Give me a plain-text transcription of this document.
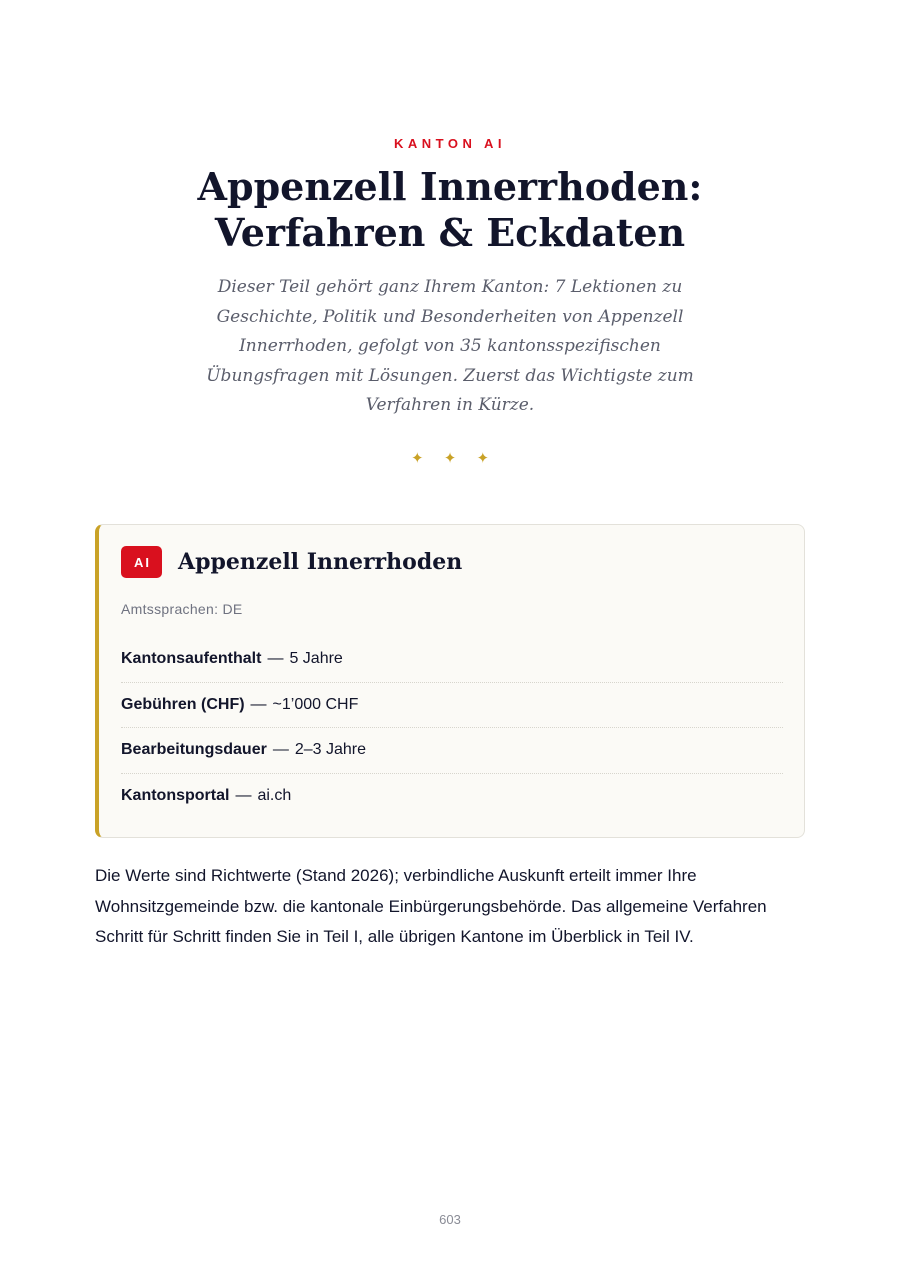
KANTON AI
Appenzell Innerrhoden:
Verfahren & Eckdaten

Dieser Teil gehört ganz Ihrem Kanton: 7 Lektionen zu Geschichte, Politik und Besonderheiten von Appenzell Innerrhoden, gefolgt von 35 kantonsspezifischen Übungsfragen mit Lösungen. Zuerst das Wichtigste zum Verfahren in Kürze.

✦ ✦ ✦
AI	Appenzell Innerrhoden
Amtssprachen: DE
Kantonsaufenthalt — 5 Jahre
Gebühren (CHF) — ~1’000 CHF
Bearbeitungsdauer — 2–3 Jahre
Kantonsportal — ai.ch

Die Werte sind Richtwerte (Stand 2026); verbindliche Auskunft erteilt immer Ihre Wohnsitzgemeinde bzw. die kantonale Einbürgerungsbehörde. Das allgemeine Verfahren Schritt für Schritt finden Sie in Teil I, alle übrigen Kantone im Überblick in Teil IV.

603
